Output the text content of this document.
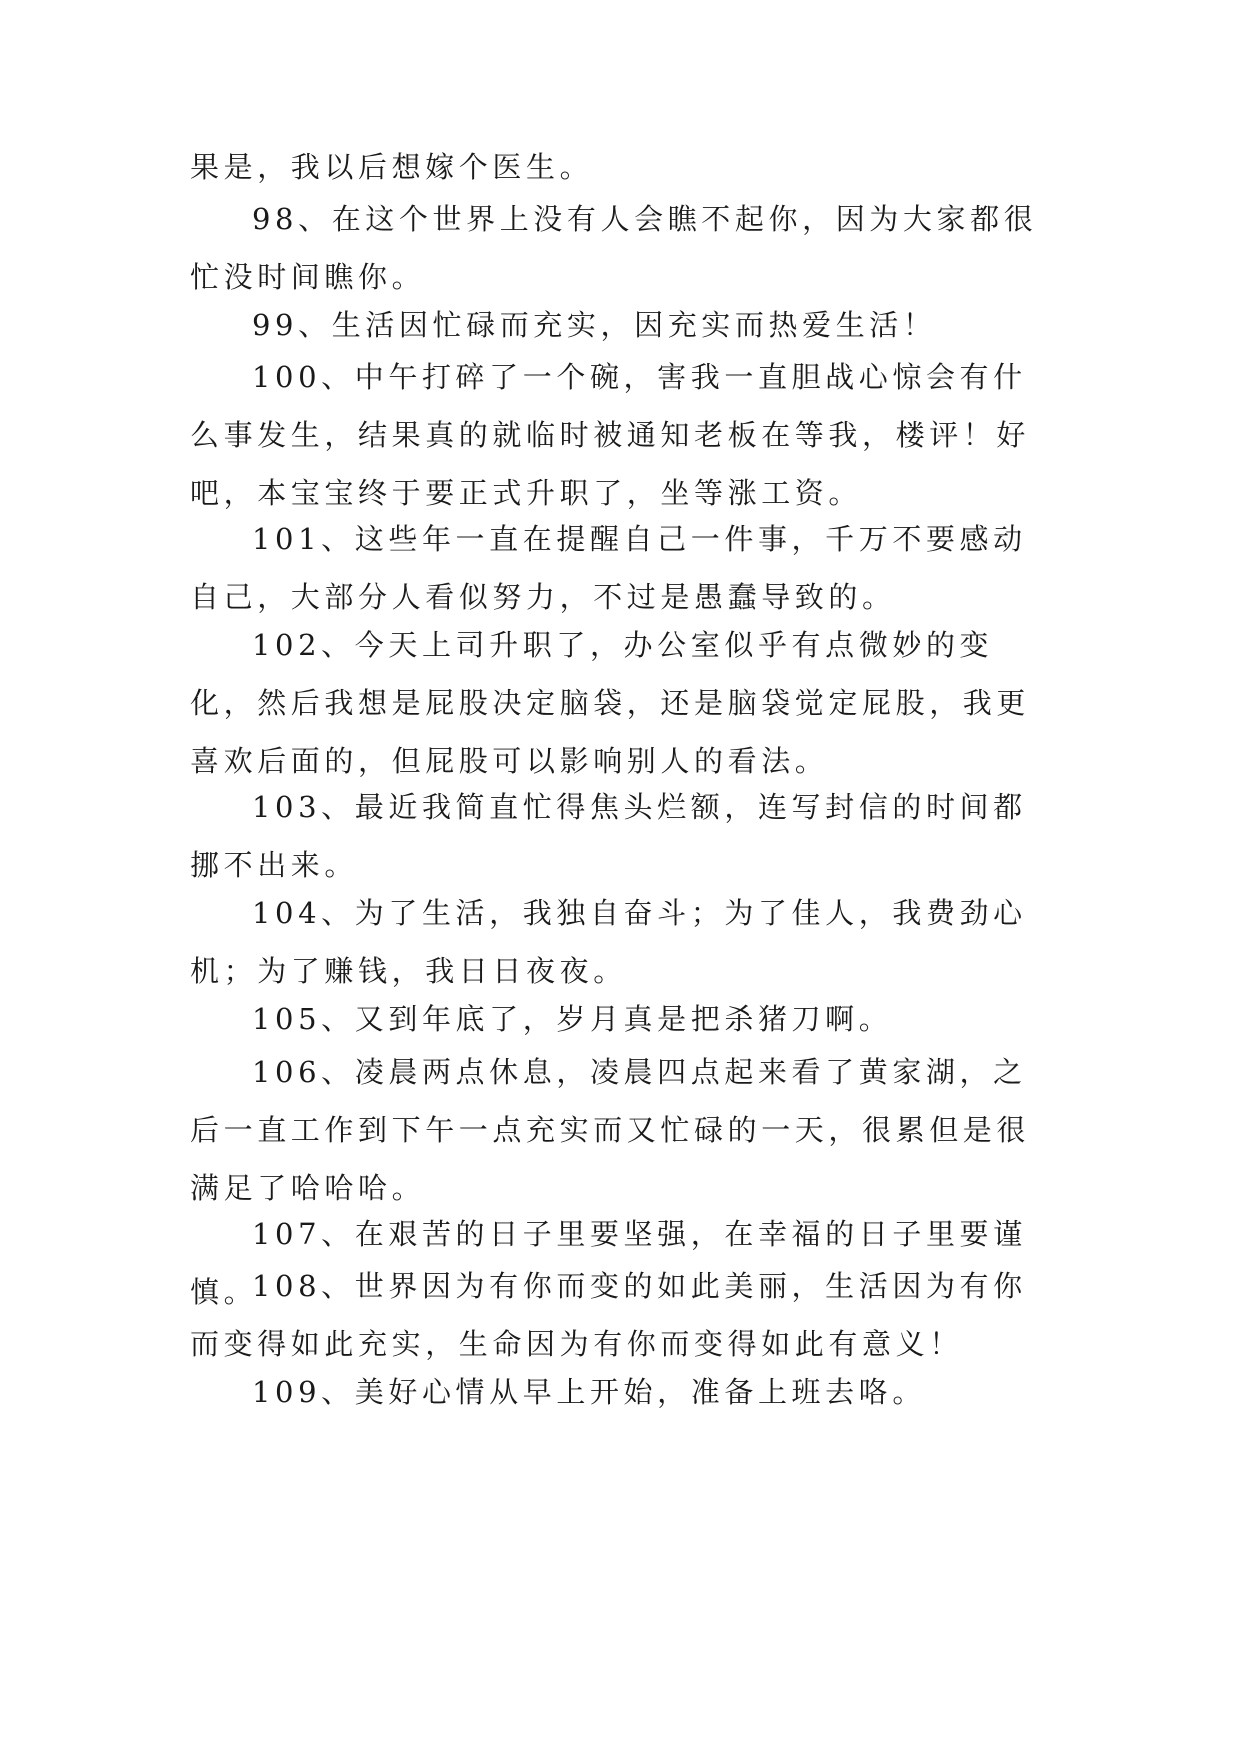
果是，我以后想嫁个医生。

98、在这个世界上没有人会瞧不起你，因为大家都很忙没时间瞧你。

99、生活因忙碌而充实，因充实而热爱生活！

100、中午打碎了一个碗，害我一直胆战心惊会有什么事发生，结果真的就临时被通知老板在等我，楼评！好吧，本宝宝终于要正式升职了，坐等涨工资。

101、这些年一直在提醒自己一件事，千万不要感动自己，大部分人看似努力，不过是愚蠢导致的。

102、今天上司升职了，办公室似乎有点微妙的变化，然后我想是屁股决定脑袋，还是脑袋觉定屁股，我更喜欢后面的，但屁股可以影响别人的看法。

103、最近我简直忙得焦头烂额，连写封信的时间都挪不出来。

104、为了生活，我独自奋斗；为了佳人，我费劲心机；为了赚钱，我日日夜夜。

105、又到年底了，岁月真是把杀猪刀啊。

106、凌晨两点休息，凌晨四点起来看了黄家湖，之后一直工作到下午一点充实而又忙碌的一天，很累但是很满足了哈哈哈。

107、在艰苦的日子里要坚强，在幸福的日子里要谨慎。

108、世界因为有你而变的如此美丽，生活因为有你而变得如此充实，生命因为有你而变得如此有意义！

109、美好心情从早上开始，准备上班去咯。
